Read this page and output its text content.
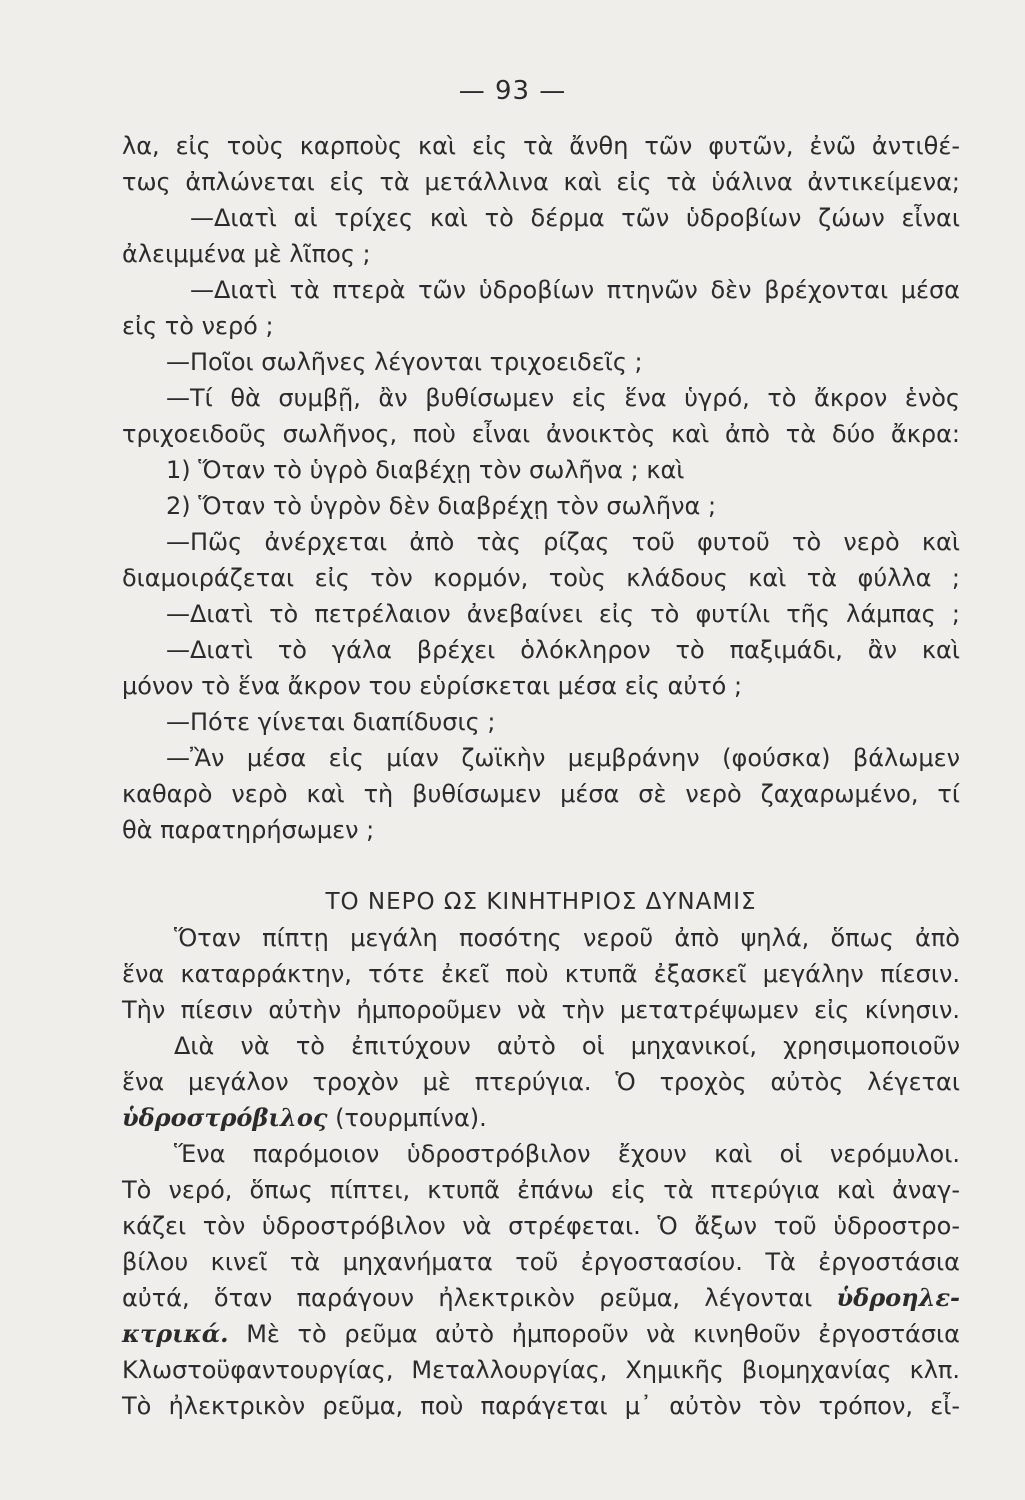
— 93 —
λα, εἰς τοὺς καρποὺς καὶ εἰς τὰ ἄνθη τῶν φυτῶν, ἐνῶ ἀντιθέ-
τως ἀπλώνεται εἰς τὰ μετάλλινα καὶ εἰς τὰ ὑάλινα ἀντικείμενα;
—Διατὶ αἱ τρίχες καὶ τὸ δέρμα τῶν ὑδροβίων ζώων εἶναι
ἀλειμμένα μὲ λῖπος ;
—Διατὶ τὰ πτερὰ τῶν ὑδροβίων πτηνῶν δὲν βρέχονται μέσα
εἰς τὸ νερό ;
—Ποῖοι σωλῆνες λέγονται τριχοειδεῖς ;
—Τί θὰ συμβῇ, ἂν βυθίσωμεν εἰς ἕνα ὑγρό, τὸ ἄκρον ἑνὸς
τριχοειδοῦς σωλῆνος, ποὺ εἶναι ἀνοικτὸς καὶ ἀπὸ τὰ δύο ἄκρα:
1) Ὅταν τὸ ὑγρὸ διαβέχῃ τὸν σωλῆνα ; καὶ
2) Ὅταν τὸ ὑγρὸν δὲν διαβρέχῃ τὸν σωλῆνα ;
—Πῶς ἀνέρχεται ἀπὸ τὰς ρίζας τοῦ φυτοῦ τὸ νερὸ καὶ
διαμοιράζεται εἰς τὸν κορμόν, τοὺς κλάδους καὶ τὰ φύλλα ;
—Διατὶ τὸ πετρέλαιον ἀνεβαίνει εἰς τὸ φυτίλι τῆς λάμπας ;
—Διατὶ τὸ γάλα βρέχει ὁλόκληρον τὸ παξιμάδι, ἂν καὶ
μόνον τὸ ἕνα ἄκρον του εὑρίσκεται μέσα εἰς αὐτό ;
—Πότε γίνεται διαπίδυσις ;
—Ἂν μέσα εἰς μίαν ζωϊκὴν μεμβράνην (φούσκα) βάλωμεν
καθαρὸ νερὸ καὶ τὴ βυθίσωμεν μέσα σὲ νερὸ ζαχαρωμένο, τί
θὰ παρατηρήσωμεν ;
ΤΟ ΝΕΡΟ ΩΣ ΚΙΝΗΤΗΡΙΟΣ ΔΥΝΑΜΙΣ
Ὅταν πίπτῃ μεγάλη ποσότης νεροῦ ἀπὸ ψηλά, ὅπως ἀπὸ
ἕνα καταρράκτην, τότε ἐκεῖ ποὺ κτυπᾶ ἐξασκεῖ μεγάλην πίεσιν.
Τὴν πίεσιν αὐτὴν ἠμποροῦμεν νὰ τὴν μετατρέψωμεν εἰς κίνησιν.
Διὰ νὰ τὸ ἐπιτύχουν αὐτὸ οἱ μηχανικοί, χρησιμοποιοῦν
ἕνα μεγάλον τροχὸν μὲ πτερύγια. Ὁ τροχὸς αὐτὸς λέγεται
ὑδροστρόβιλος (τουρμπίνα).
Ἕνα παρόμοιον ὑδροστρόβιλον ἔχουν καὶ οἱ νερόμυλοι.
Τὸ νερό, ὅπως πίπτει, κτυπᾶ ἐπάνω εἰς τὰ πτερύγια καὶ ἀναγ-
κάζει τὸν ὑδροστρόβιλον νὰ στρέφεται. Ὁ ἄξων τοῦ ὑδροστρο-
βίλου κινεῖ τὰ μηχανήματα τοῦ ἐργοστασίου. Τὰ ἐργοστάσια
αὐτά, ὅταν παράγουν ἠλεκτρικὸν ρεῦμα, λέγονται ὑδροηλε-
κτρικά. Μὲ τὸ ρεῦμα αὐτὸ ἠμποροῦν νὰ κινηθοῦν ἐργοστάσια
Κλωστοϋφαντουργίας, Μεταλλουργίας, Χημικῆς βιομηχανίας κλπ.
Τὸ ἠλεκτρικὸν ρεῦμα, ποὺ παράγεται μ᾽ αὐτὸν τὸν τρόπον, εἶ-
